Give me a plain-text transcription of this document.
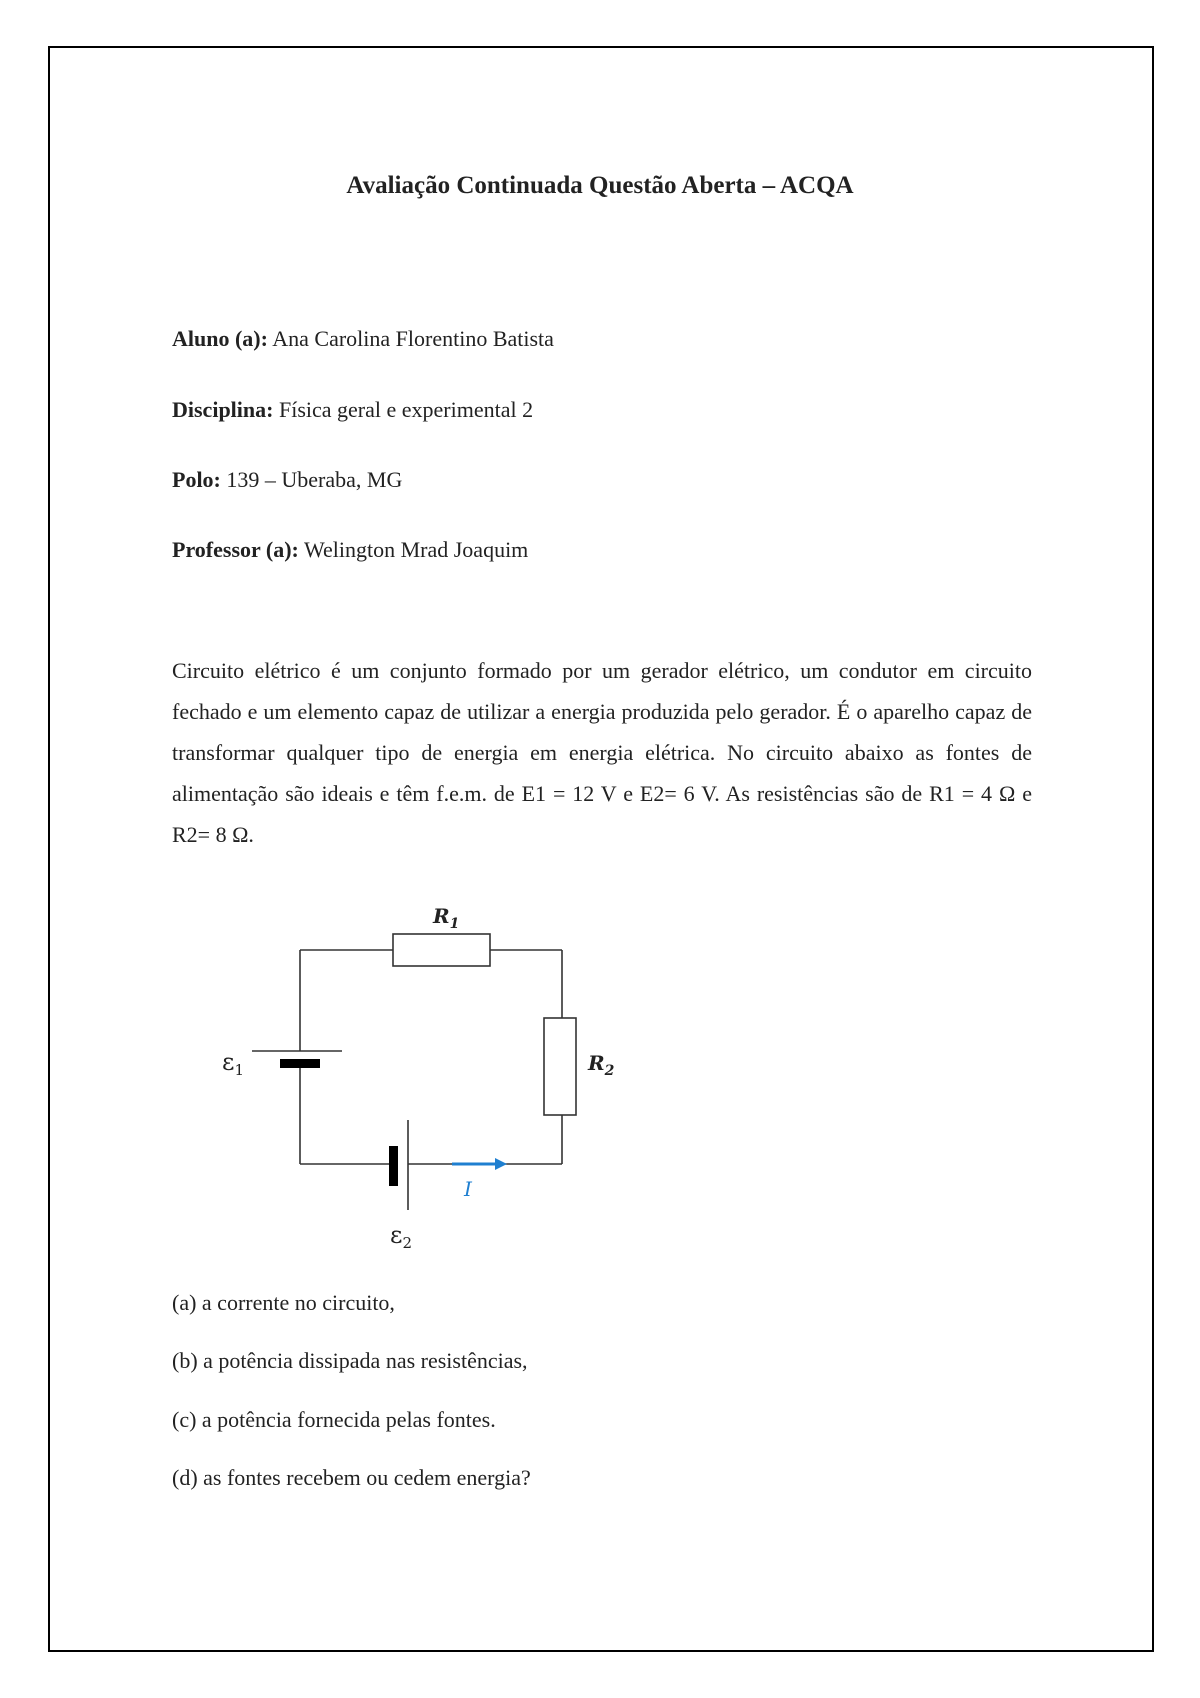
Avaliação Continuada Questão Aberta – ACQA
Aluno (a): Ana Carolina Florentino Batista
Disciplina: Física geral e experimental 2
Polo: 139 – Uberaba, MG
Professor (a): Welington Mrad Joaquim
Circuito elétrico é um conjunto formado por um gerador elétrico, um condutor em circuito fechado e um elemento capaz de utilizar a energia produzida pelo gerador. É o aparelho capaz de transformar qualquer tipo de energia em energia elétrica. No circuito abaixo as fontes de alimentação são ideais e têm f.e.m. de E1 = 12 V e E2= 6 V. As resistências são de R1 = 4 Ω e R2= 8 Ω.
$R_1$
$R_2$
$\varepsilon_1$
$\varepsilon_2$
I
(a) a corrente no circuito,
(b) a potência dissipada nas resistências,
(c) a potência fornecida pelas fontes.
(d) as fontes recebem ou cedem energia?
